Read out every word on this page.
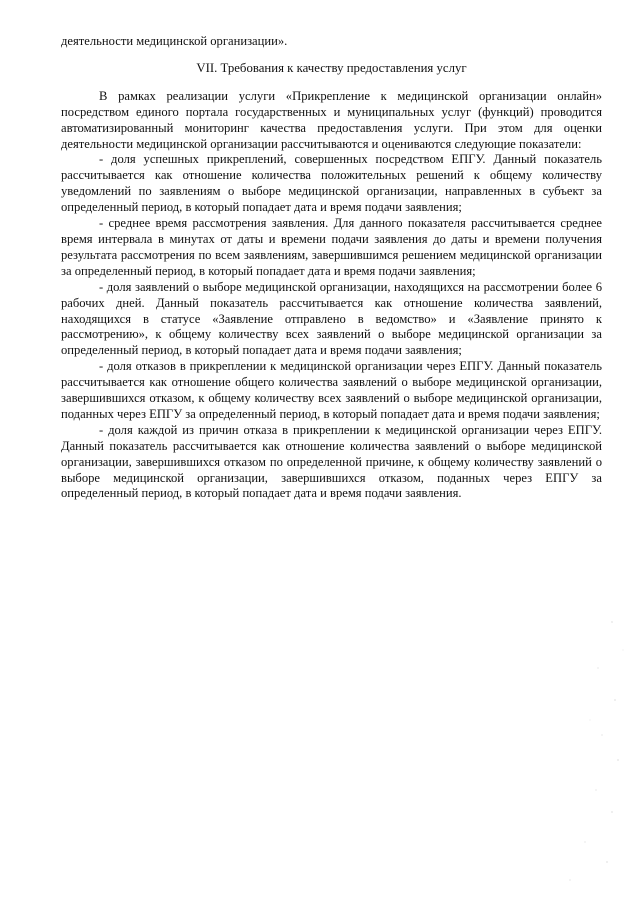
деятельности медицинской организации».

VII. Требования к качеству предоставления услуг

В рамках реализации услуги «Прикрепление к медицинской организации онлайн» посредством единого портала государственных и муниципальных услуг (функций) проводится автоматизированный мониторинг качества предоставления услуги. При этом для оценки деятельности медицинской организации рассчитываются и оцениваются следующие показатели:

- доля успешных прикреплений, совершенных посредством ЕПГУ. Данный показатель рассчитывается как отношение количества положительных решений к общему количеству уведомлений по заявлениям о выборе медицинской организации, направленных в субъект за определенный период, в который попадает дата и время подачи заявления;

- среднее время рассмотрения заявления. Для данного показателя рассчитывается среднее время интервала в минутах от даты и времени подачи заявления до даты и времени получения результата рассмотрения по всем заявлениям, завершившимся решением медицинской организации за определенный период, в который попадает дата и время подачи заявления;

- доля заявлений о выборе медицинской организации, находящихся на рассмотрении более 6 рабочих дней. Данный показатель рассчитывается как отношение количества заявлений, находящихся в статусе «Заявление отправлено в ведомство» и «Заявление принято к рассмотрению», к общему количеству всех заявлений о выборе медицинской организации за определенный период, в который попадает дата и время подачи заявления;

- доля отказов в прикреплении к медицинской организации через ЕПГУ. Данный показатель рассчитывается как отношение общего количества заявлений о выборе медицинской организации, завершившихся отказом, к общему количеству всех заявлений о выборе медицинской организации, поданных через ЕПГУ за определенный период, в который попадает дата и время подачи заявления;

- доля каждой из причин отказа в прикреплении к медицинской организации через ЕПГУ. Данный показатель рассчитывается как отношение количества заявлений о выборе медицинской организации, завершившихся отказом по определенной причине, к общему количеству заявлений о выборе медицинской организации, завершившихся отказом, поданных через ЕПГУ за определенный период, в который попадает дата и время подачи заявления.
